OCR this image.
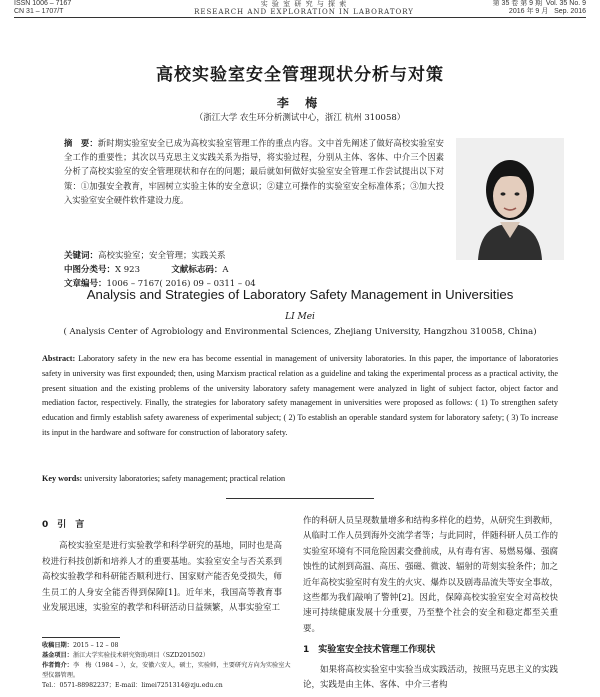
ISSN 1006 – 7167
CN 31 – 1707/T
实 验 室 研 究 与 探 索
RESEARCH AND EXPLORATION IN LABORATORY
第 35 卷 第 9 期 Vol. 35 No. 9
2016 年 9 月 Sep. 2016
高校实验室安全管理现状分析与对策
李 梅
（浙江大学 农生环分析测试中心，浙江 杭州 310058）
摘　要：新时期实验室安全已成为高校实验室管理工作的重点内容。文中首先阐述了做好高校实验室安全工作的重要性；其次以马克思主义实践关系为指导，将实验过程，分别从主体、客体、中介三个因素分析了高校实验室的安全管理现状和存在的问题；最后就如何做好实验室安全管理工作尝试提出以下对策：①加强安全教育，牢固树立实验主体的安全意识；②建立可操作的实验室安全标准体系；③加大投入实验室安全硬件软件建设力度。
关键词：高校实验室；安全管理；实践关系
中图分类号：X 923	文献标志码：A
文章编号：1006 – 7167( 2016) 09 – 0311 – 04
Analysis and Strategies of Laboratory Safety Management in Universities
LI Mei
( Analysis Center of Agrobiology and Environmental Sciences, Zhejiang University, Hangzhou 310058, China)
Abstract: Laboratory safety in the new era has become essential in management of university laboratories. In this paper, the importance of laboratories safety in university was first expounded; then, using Marxism practical relation as a guideline and taking the experimental process as a practical activity, the present situation and the existing problems of the university laboratory safety management were analyzed in light of subject factor, object factor and mediation factor, respectively. Finally, the strategies for laboratory safety management in universities were proposed as follows: ( 1) To strengthen safety education and firmly establish safety awareness of experimental subject; ( 2) To establish an operable standard system for laboratory safety; ( 3) To increase its input in the hardware and software for construction of laboratory safety.
Key words: university laboratories; safety management; practical relation
0　引　言
高校实验室是进行实验教学和科学研究的基地，同时也是高校进行科技创新和培养人才的重要基地。实验室安全与否关系到高校实验教学和科研能否顺利进行、国家财产能否免受损失，师生员工的人身安全能否得到保障[1]。近年来，我国高等教育事业发展迅速，实验室的教学和科研活动日益频繁，从事实验室工
作的科研人员呈现数量增多和结构多样化的趋势，从研究生到教师，从临时工作人员到海外交流学者等；与此同时，伴随科研人员工作的实验室环境有不同危险因素交叠前成，从有毒有害、易燃易爆、强腐蚀性的试剂到高温、高压、强磁、微波、辐射的苛刻实验条件；加之近年高校实验室时有发生的火灾、爆炸以及剧毒品流失等安全事故，这些都为我们敲响了警钟[2]。因此，保障高校实验室安全对高校快速可持续健康发展十分重要，乃至整个社会的安全和稳定都至关重要。
1　实验室安全技术管理工作现状
如果将高校实验室中实验当成实践活动，按照马克思主义的实践论，实践是由主体、客体、中介三者构
收稿日期：2015 – 12 – 08
基金项目：浙江大学实验技术研究资助项目（SZD201502）
作者简介：李　梅（1984 – ），女，安徽六安人，硕士，实验师，主要研究方向为实验室大型仪器管理。
Tel.：0571-88982237；E-mail：limei7251314@zju.edu.cn
